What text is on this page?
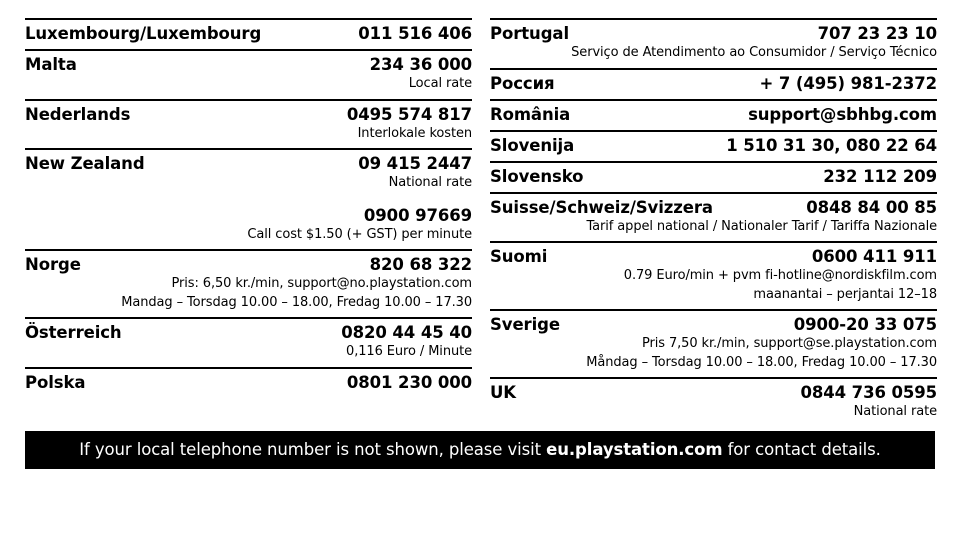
Luxembourg/Luxembourg	011 516 406
Malta	234 36 000
Local rate
Nederlands	0495 574 817
Interlokale kosten
New Zealand	09 415 2447
National rate
0900 97669
Call cost $1.50 (+ GST) per minute
Norge	820 68 322
Pris: 6,50 kr./min, support@no.playstation.com
Mandag – Torsdag 10.00 – 18.00, Fredag 10.00 – 17.30
Österreich	0820 44 45 40
0,116 Euro / Minute
Polska	0801 230 000
Portugal	707 23 23 10
Serviço de Atendimento ao Consumidor / Serviço Técnico
Россия	+ 7 (495) 981-2372
România	support@sbhbg.com
Slovenija	1 510 31 30, 080 22 64
Slovensko	232 112 209
Suisse/Schweiz/Svizzera	0848 84 00 85
Tarif appel national / Nationaler Tarif / Tariffa Nazionale
Suomi	0600 411 911
0.79 Euro/min + pvm fi-hotline@nordiskfilm.com
maanantai – perjantai 12–18
Sverige	0900-20 33 075
Pris 7,50 kr./min, support@se.playstation.com
Måndag – Torsdag 10.00 – 18.00, Fredag 10.00 – 17.30
UK	0844 736 0595
National rate
If your local telephone number is not shown, please visit eu.playstation.com for contact details.
